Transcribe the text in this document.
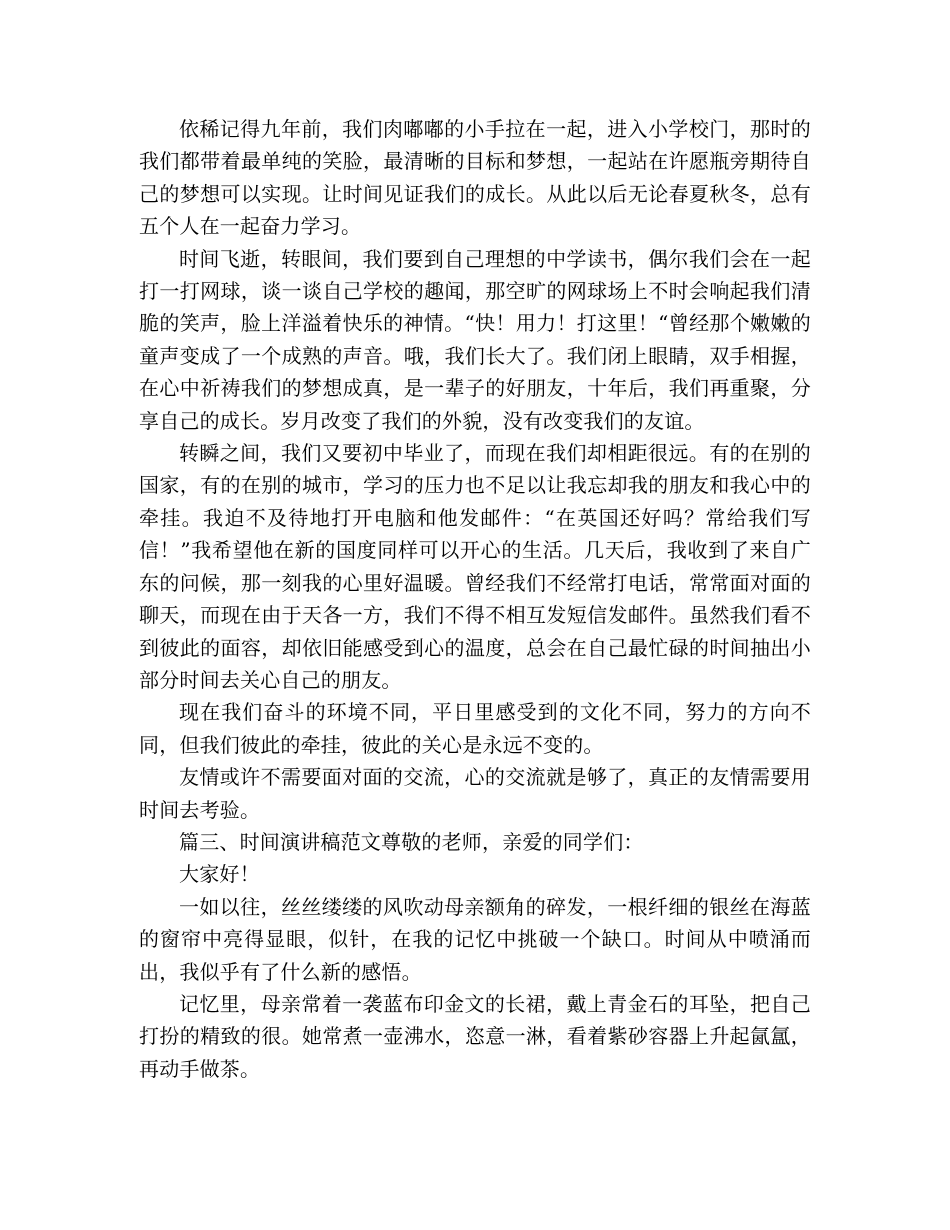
依稀记得九年前，我们肉嘟嘟的小手拉在一起，进入小学校门，那时的我们都带着最单纯的笑脸，最清晰的目标和梦想，一起站在许愿瓶旁期待自己的梦想可以实现。让时间见证我们的成长。从此以后无论春夏秋冬，总有五个人在一起奋力学习。

时间飞逝，转眼间，我们要到自己理想的中学读书，偶尔我们会在一起打一打网球，谈一谈自己学校的趣闻，那空旷的网球场上不时会响起我们清脆的笑声，脸上洋溢着快乐的神情。“快！用力！打这里！“曾经那个嫩嫩的童声变成了一个成熟的声音。哦，我们长大了。我们闭上眼睛，双手相握，在心中祈祷我们的梦想成真，是一辈子的好朋友，十年后，我们再重聚，分享自己的成长。岁月改变了我们的外貌，没有改变我们的友谊。

转瞬之间，我们又要初中毕业了，而现在我们却相距很远。有的在别的国家，有的在别的城市，学习的压力也不足以让我忘却我的朋友和我心中的牵挂。我迫不及待地打开电脑和他发邮件：“在英国还好吗？常给我们写信！”我希望他在新的国度同样可以开心的生活。几天后，我收到了来自广东的问候，那一刻我的心里好温暖。曾经我们不经常打电话，常常面对面的聊天，而现在由于天各一方，我们不得不相互发短信发邮件。虽然我们看不到彼此的面容，却依旧能感受到心的温度，总会在自己最忙碌的时间抽出小部分时间去关心自己的朋友。

现在我们奋斗的环境不同，平日里感受到的文化不同，努力的方向不同，但我们彼此的牵挂，彼此的关心是永远不变的。

友情或许不需要面对面的交流，心的交流就是够了，真正的友情需要用时间去考验。

篇三、时间演讲稿范文尊敬的老师，亲爱的同学们：

大家好！

一如以往，丝丝缕缕的风吹动母亲额角的碎发，一根纤细的银丝在海蓝的窗帘中亮得显眼，似针，在我的记忆中挑破一个缺口。时间从中喷涌而出，我似乎有了什么新的感悟。

记忆里，母亲常着一袭蓝布印金文的长裙，戴上青金石的耳坠，把自己打扮的精致的很。她常煮一壶沸水，恣意一淋，看着紫砂容器上升起氤氲，再动手做茶。
